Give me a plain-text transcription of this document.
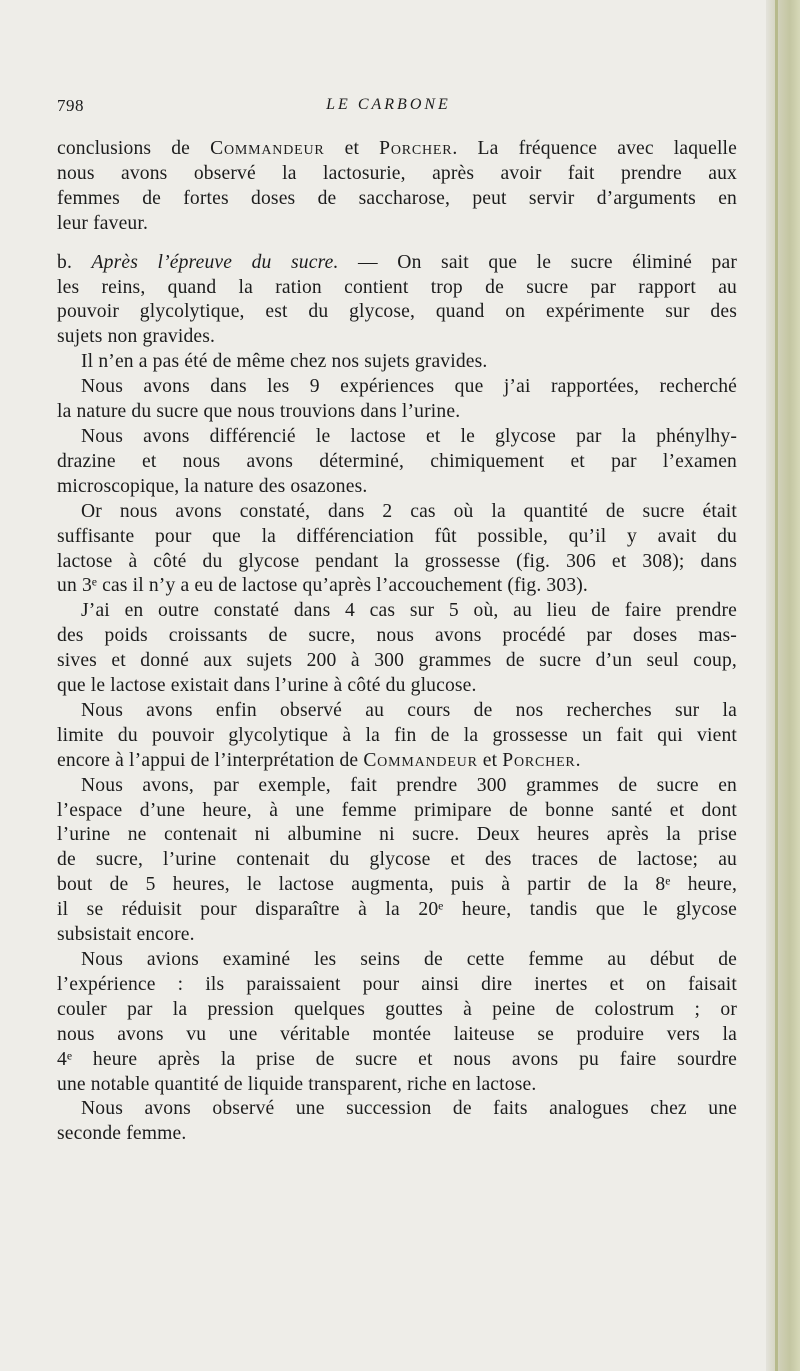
798	LE CARBONE
conclusions de Commandeur et Porcher. La fréquence avec laquelle
nous avons observé la lactosurie, après avoir fait prendre aux
femmes de fortes doses de saccharose, peut servir d’arguments en
leur faveur.
b. Après l’épreuve du sucre. — On sait que le sucre éliminé par
les reins, quand la ration contient trop de sucre par rapport au
pouvoir glycolytique, est du glycose, quand on expérimente sur des
sujets non gravides.
Il n’en a pas été de même chez nos sujets gravides.
Nous avons dans les 9 expériences que j’ai rapportées, recherché
la nature du sucre que nous trouvions dans l’urine.
Nous avons différencié le lactose et le glycose par la phénylhy-
drazine et nous avons déterminé, chimiquement et par l’examen
microscopique, la nature des osazones.
Or nous avons constaté, dans 2 cas où la quantité de sucre était
suffisante pour que la différenciation fût possible, qu’il y avait du
lactose à côté du glycose pendant la grossesse (fig. 306 et 308); dans
un 3ᵉ cas il n’y a eu de lactose qu’après l’accouchement (fig. 303).
J’ai en outre constaté dans 4 cas sur 5 où, au lieu de faire prendre
des poids croissants de sucre, nous avons procédé par doses mas-
sives et donné aux sujets 200 à 300 grammes de sucre d’un seul coup,
que le lactose existait dans l’urine à côté du glucose.
Nous avons enfin observé au cours de nos recherches sur la
limite du pouvoir glycolytique à la fin de la grossesse un fait qui vient
encore à l’appui de l’interprétation de Commandeur et Porcher.
Nous avons, par exemple, fait prendre 300 grammes de sucre en
l’espace d’une heure, à une femme primipare de bonne santé et dont
l’urine ne contenait ni albumine ni sucre. Deux heures après la prise
de sucre, l’urine contenait du glycose et des traces de lactose; au
bout de 5 heures, le lactose augmenta, puis à partir de la 8ᵉ heure,
il se réduisit pour disparaître à la 20ᵉ heure, tandis que le glycose
subsistait encore.
Nous avions examiné les seins de cette femme au début de
l’expérience : ils paraissaient pour ainsi dire inertes et on faisait
couler par la pression quelques gouttes à peine de colostrum ; or
nous avons vu une véritable montée laiteuse se produire vers la
4ᵉ heure après la prise de sucre et nous avons pu faire sourdre
une notable quantité de liquide transparent, riche en lactose.
Nous avons observé une succession de faits analogues chez une
seconde femme.
